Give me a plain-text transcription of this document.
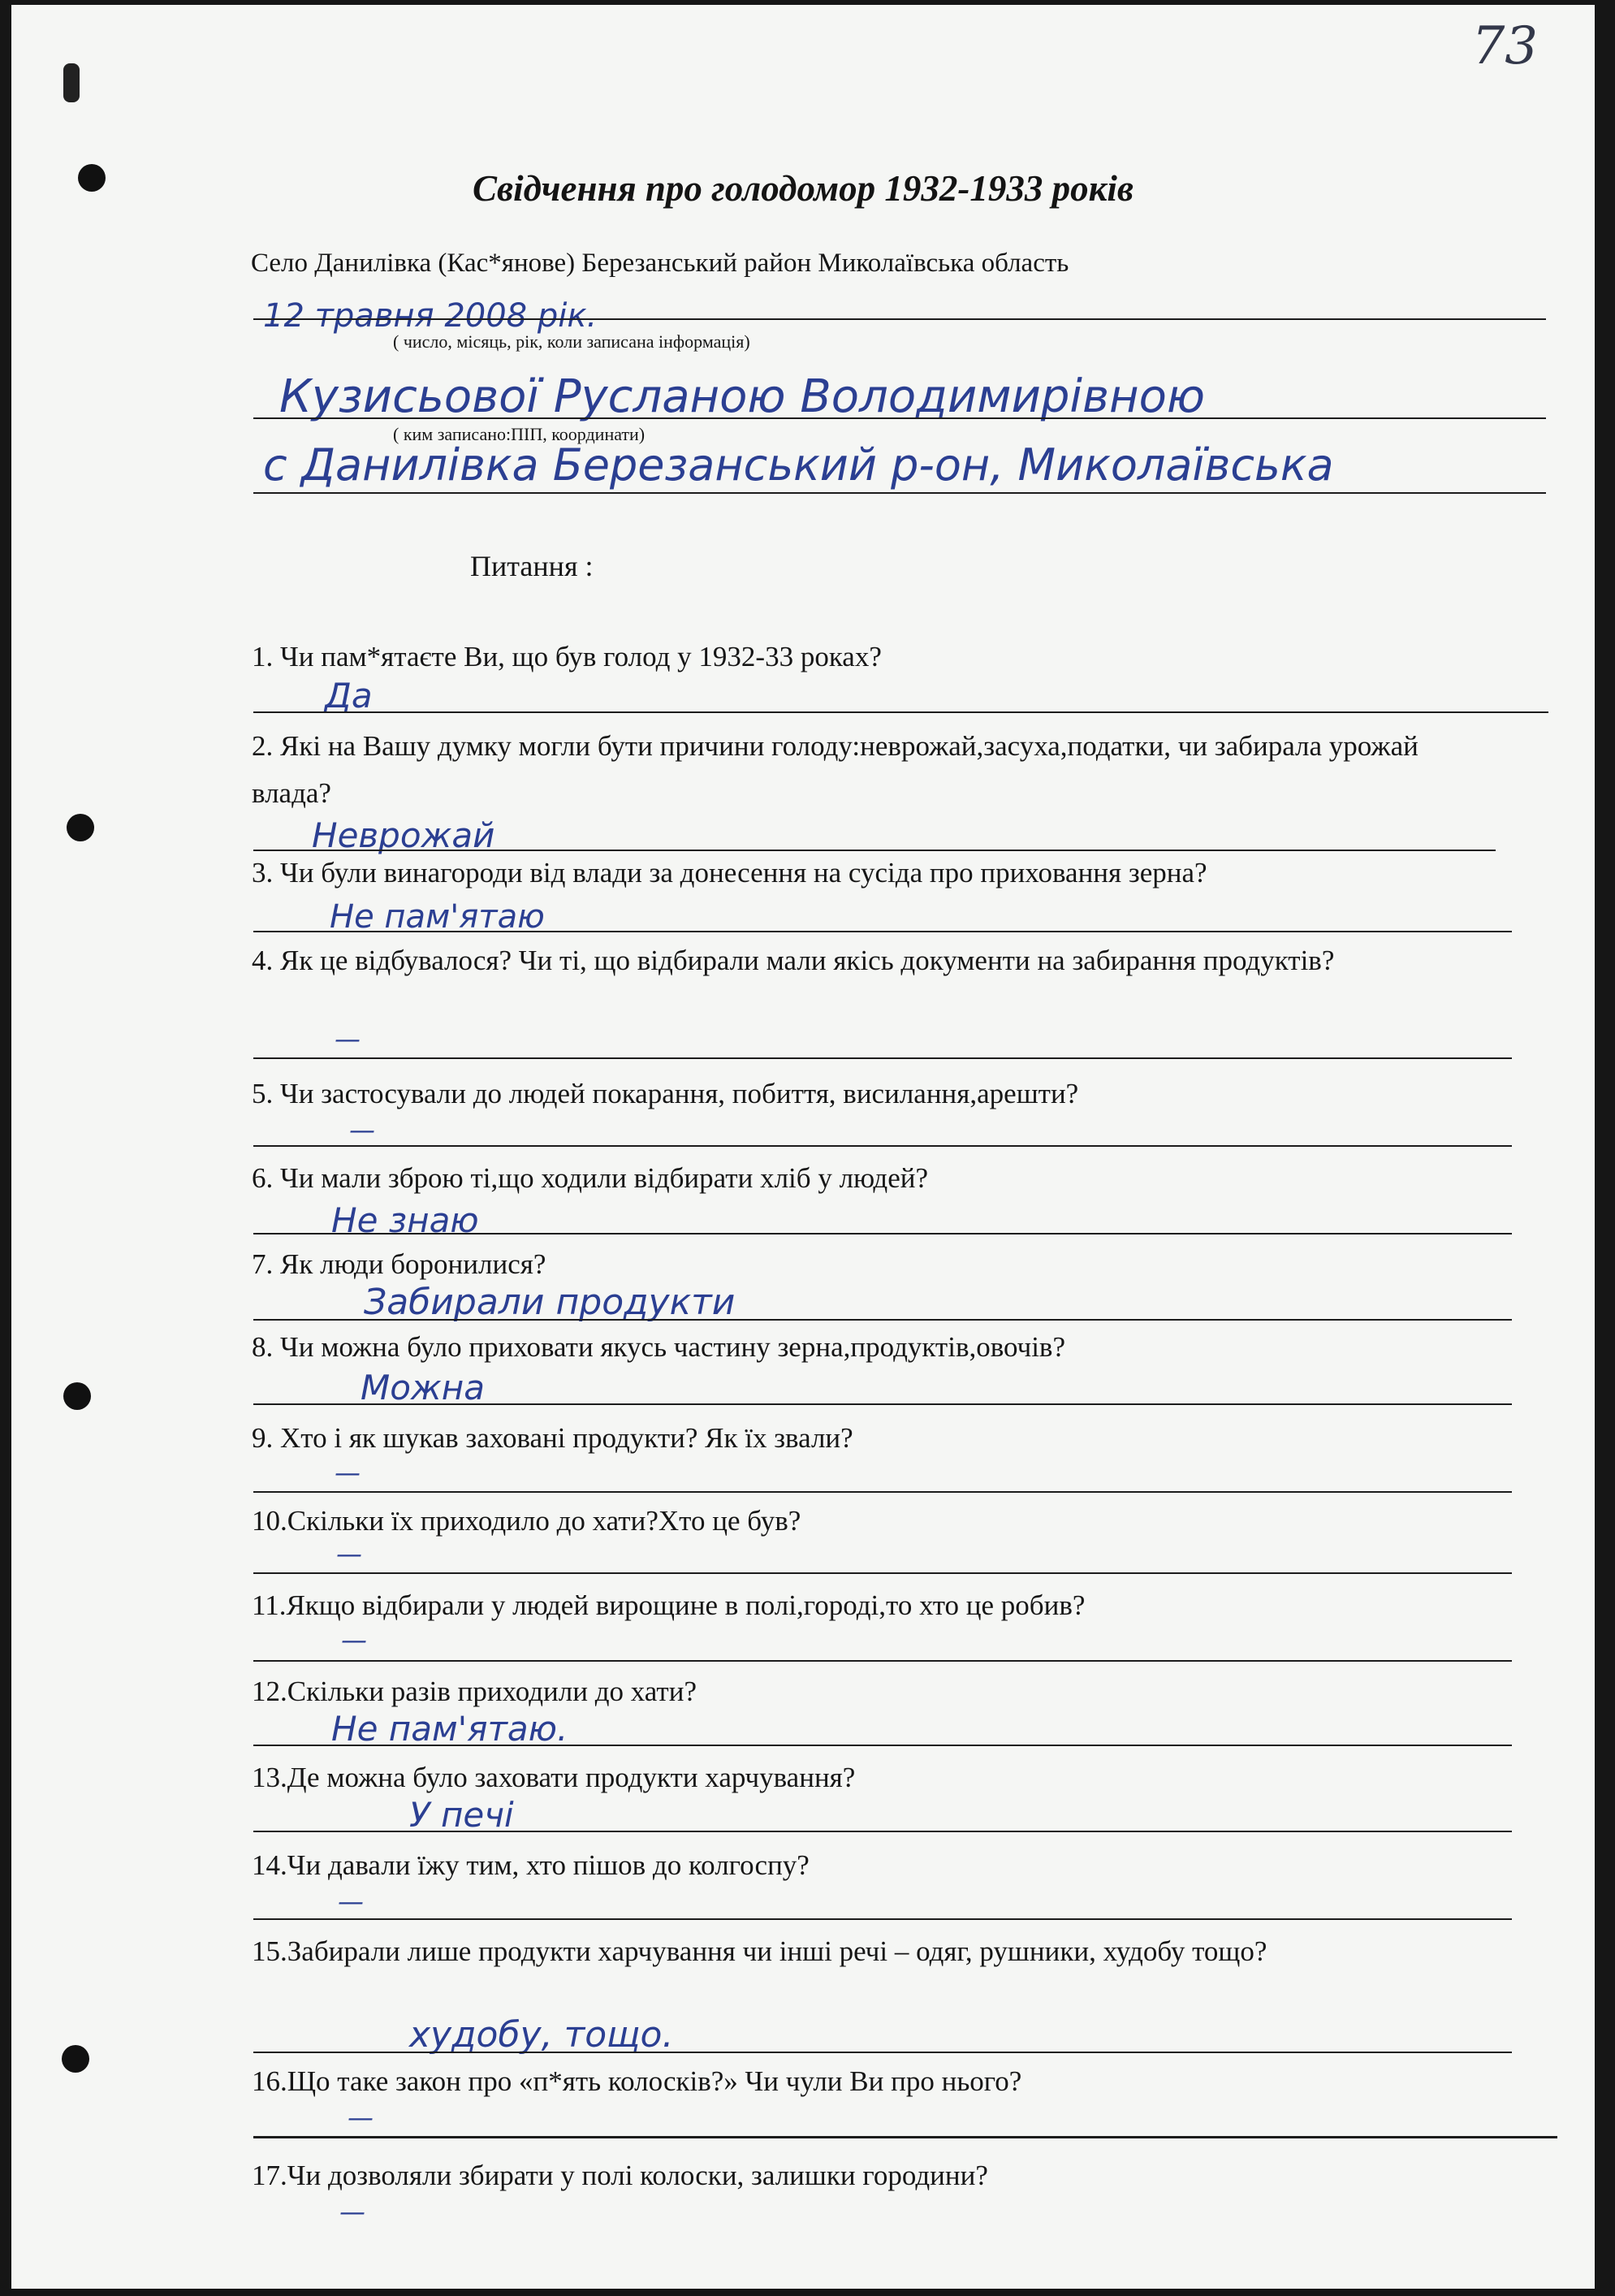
73
Свідчення про голодомор 1932-1933 років
Село Данилівка (Кас*янове) Березанський район Миколаївська область
12 травня 2008 рік.
( число, місяць, рік, коли записана інформація)
Кузисьової Русланою Володимирівною
( ким записано:ПІП, координати)
с Данилівка Березанський р-он, Миколаївська
Питання :
1. Чи пам*ятаєте Ви, що був голод у 1932-33 роках?
Да
2. Які на Вашу думку могли бути причини голоду:неврожай,засуха,податки, чи забирала урожай влада?
Неврожай
3. Чи були винагороди від влади за донесення на сусіда про приховання зерна?
Не пам'ятаю
4. Як це відбувалося? Чи ті, що відбирали мали якісь документи на забирання продуктів?
—
5. Чи застосували до людей покарання, побиття, висилання,арешти?
—
6. Чи мали зброю ті,що ходили відбирати хліб у людей?
Не знаю
7. Як люди боронилися?
Забирали продукти
8. Чи можна було приховати якусь частину зерна,продуктів,овочів?
Можна
9. Хто і як шукав заховані продукти? Як їх звали?
—
10.Скільки їх приходило до хати?Хто це був?
—
11.Якщо відбирали у людей вирощине в полі,городі,то хто це робив?
—
12.Скільки разів приходили до хати?
Не пам'ятаю.
13.Де можна було заховати продукти харчування?
У печі
14.Чи давали їжу тим, хто пішов до колгоспу?
—
15.Забирали лише продукти харчування чи інші речі – одяг, рушники, худобу тощо?
худобу, тощо.
16.Що таке закон про «п*ять колосків?» Чи чули Ви про нього?
—
17.Чи дозволяли збирати у полі колоски, залишки городини?
—
